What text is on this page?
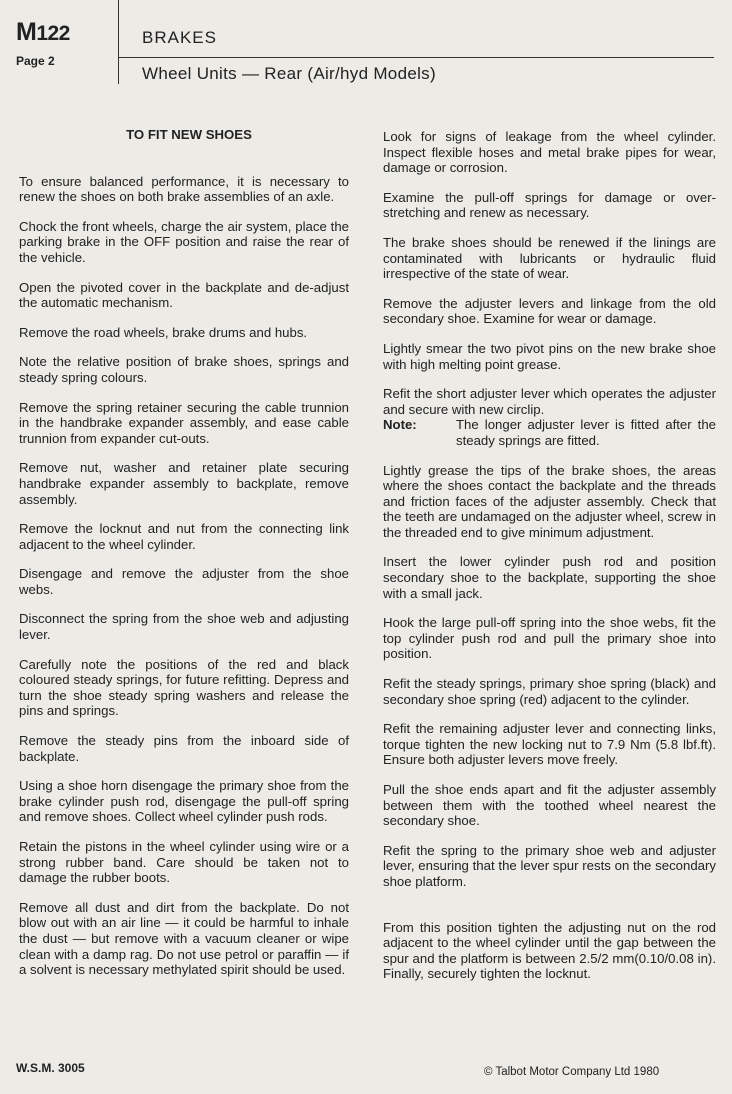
M122
Page 2
BRAKES
Wheel Units — Rear (Air/hyd Models)
TO FIT NEW SHOES

To ensure balanced performance, it is necessary to renew the shoes on both brake assemblies of an axle.

Chock the front wheels, charge the air system, place the parking brake in the OFF position and raise the rear of the vehicle.

Open the pivoted cover in the backplate and de-adjust the automatic mechanism.

Remove the road wheels, brake drums and hubs.

Note the relative position of brake shoes, springs and steady spring colours.

Remove the spring retainer securing the cable trunnion in the handbrake expander assembly, and ease cable trunnion from expander cut-outs.

Remove nut, washer and retainer plate securing handbrake expander assembly to backplate, remove assembly.

Remove the locknut and nut from the connecting link adjacent to the wheel cylinder.

Disengage and remove the adjuster from the shoe webs.

Disconnect the spring from the shoe web and adjusting lever.

Carefully note the positions of the red and black coloured steady springs, for future refitting. Depress and turn the shoe steady spring washers and release the pins and springs.

Remove the steady pins from the inboard side of backplate.

Using a shoe horn disengage the primary shoe from the brake cylinder push rod, disengage the pull-off spring and remove shoes. Collect wheel cylinder push rods.

Retain the pistons in the wheel cylinder using wire or a strong rubber band. Care should be taken not to damage the rubber boots.

Remove all dust and dirt from the backplate. Do not blow out with an air line — it could be harmful to inhale the dust — but remove with a vacuum cleaner or wipe clean with a damp rag. Do not use petrol or paraffin — if a solvent is necessary methylated spirit should be used.

Look for signs of leakage from the wheel cylinder. Inspect flexible hoses and metal brake pipes for wear, damage or corrosion.

Examine the pull-off springs for damage or over-stretching and renew as necessary.

The brake shoes should be renewed if the linings are contaminated with lubricants or hydraulic fluid irrespective of the state of wear.

Remove the adjuster levers and linkage from the old secondary shoe. Examine for wear or damage.

Lightly smear the two pivot pins on the new brake shoe with high melting point grease.

Refit the short adjuster lever which operates the adjuster and secure with new circlip.

Note:	The longer adjuster lever is fitted after the steady springs are fitted.

Lightly grease the tips of the brake shoes, the areas where the shoes contact the backplate and the threads and friction faces of the adjuster assembly. Check that the teeth are undamaged on the adjuster wheel, screw in the threaded end to give minimum adjustment.

Insert the lower cylinder push rod and position secondary shoe to the backplate, supporting the shoe with a small jack.

Hook the large pull-off spring into the shoe webs, fit the top cylinder push rod and pull the primary shoe into position.

Refit the steady springs, primary shoe spring (black) and secondary shoe spring (red) adjacent to the cylinder.

Refit the remaining adjuster lever and connecting links, torque tighten the new locking nut to 7.9 Nm (5.8 lbf.ft). Ensure both adjuster levers move freely.

Pull the shoe ends apart and fit the adjuster assembly between them with the toothed wheel nearest the secondary shoe.

Refit the spring to the primary shoe web and adjuster lever, ensuring that the lever spur rests on the secondary shoe platform.

From this position tighten the adjusting nut on the rod adjacent to the wheel cylinder until the gap between the spur and the platform is between 2.5/2 mm(0.10/0.08 in). Finally, securely tighten the locknut.

W.S.M. 3005	© Talbot Motor Company Ltd 1980
